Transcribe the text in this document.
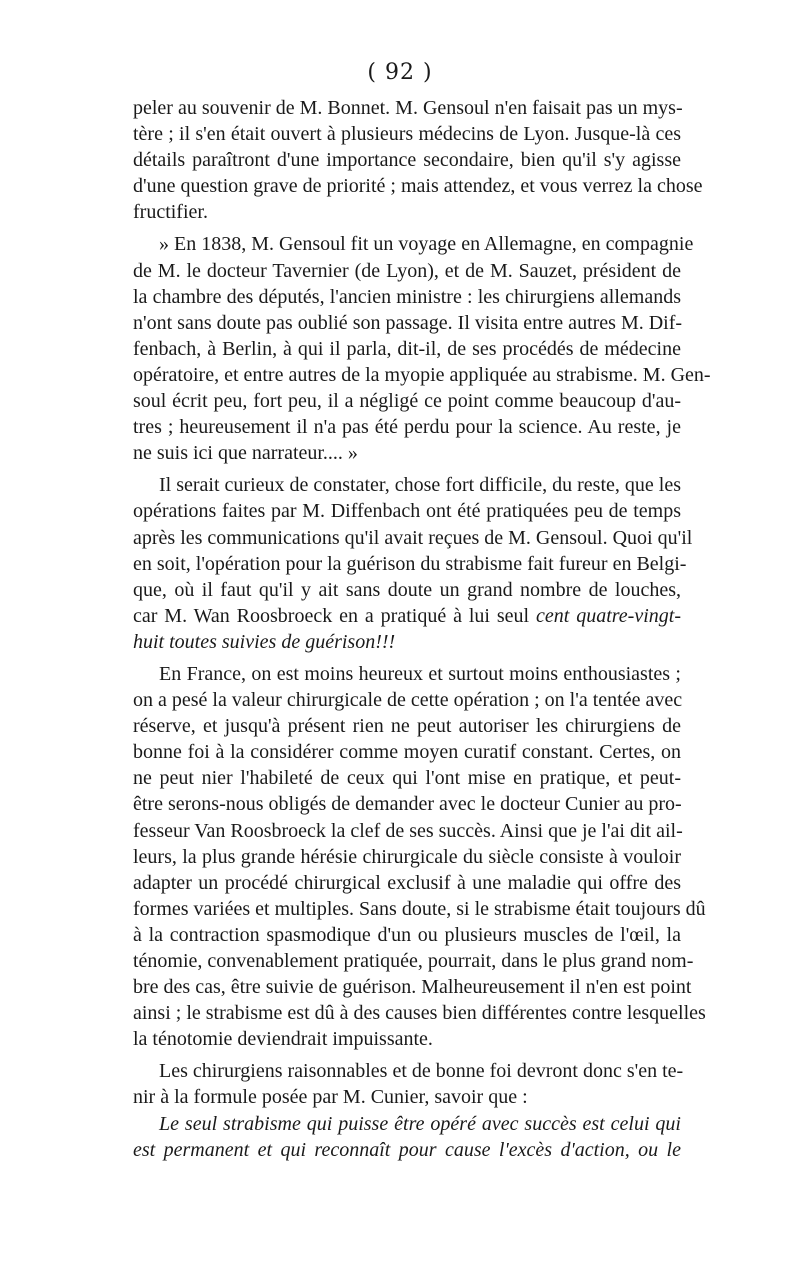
( 92 )
peler au souvenir de M. Bonnet. M. Gensoul n'en faisait pas un mys-
tère ; il s'en était ouvert à plusieurs médecins de Lyon. Jusque-là ces
détails paraîtront d'une importance secondaire, bien qu'il s'y agisse
d'une question grave de priorité ; mais attendez, et vous verrez la chose
fructifier.
» En 1838, M. Gensoul fit un voyage en Allemagne, en compagnie
de M. le docteur Tavernier (de Lyon), et de M. Sauzet, président de
la chambre des députés, l'ancien ministre : les chirurgiens allemands
n'ont sans doute pas oublié son passage. Il visita entre autres M. Dif-
fenbach, à Berlin, à qui il parla, dit-il, de ses procédés de médecine
opératoire, et entre autres de la myopie appliquée au strabisme. M. Gen-
soul écrit peu, fort peu, il a négligé ce point comme beaucoup d'au-
tres ; heureusement il n'a pas été perdu pour la science. Au reste, je
ne suis ici que narrateur.... »
Il serait curieux de constater, chose fort difficile, du reste, que les
opérations faites par M. Diffenbach ont été pratiquées peu de temps
après les communications qu'il avait reçues de M. Gensoul. Quoi qu'il
en soit, l'opération pour la guérison du strabisme fait fureur en Belgi-
que, où il faut qu'il y ait sans doute un grand nombre de louches,
car M. Wan Roosbroeck en a pratiqué à lui seul cent quatre-vingt-
huit toutes suivies de guérison!!!
En France, on est moins heureux et surtout moins enthousiastes ;
on a pesé la valeur chirurgicale de cette opération ; on l'a tentée avec
réserve, et jusqu'à présent rien ne peut autoriser les chirurgiens de
bonne foi à la considérer comme moyen curatif constant. Certes, on
ne peut nier l'habileté de ceux qui l'ont mise en pratique, et peut-
être serons-nous obligés de demander avec le docteur Cunier au pro-
fesseur Van Roosbroeck la clef de ses succès. Ainsi que je l'ai dit ail-
leurs, la plus grande hérésie chirurgicale du siècle consiste à vouloir
adapter un procédé chirurgical exclusif à une maladie qui offre des
formes variées et multiples. Sans doute, si le strabisme était toujours dû
à la contraction spasmodique d'un ou plusieurs muscles de l'œil, la
ténomie, convenablement pratiquée, pourrait, dans le plus grand nom-
bre des cas, être suivie de guérison. Malheureusement il n'en est point
ainsi ; le strabisme est dû à des causes bien différentes contre lesquelles
la ténotomie deviendrait impuissante.
Les chirurgiens raisonnables et de bonne foi devront donc s'en te-
nir à la formule posée par M. Cunier, savoir que :
Le seul strabisme qui puisse être opéré avec succès est celui qui
est permanent et qui reconnaît pour cause l'excès d'action, ou le
